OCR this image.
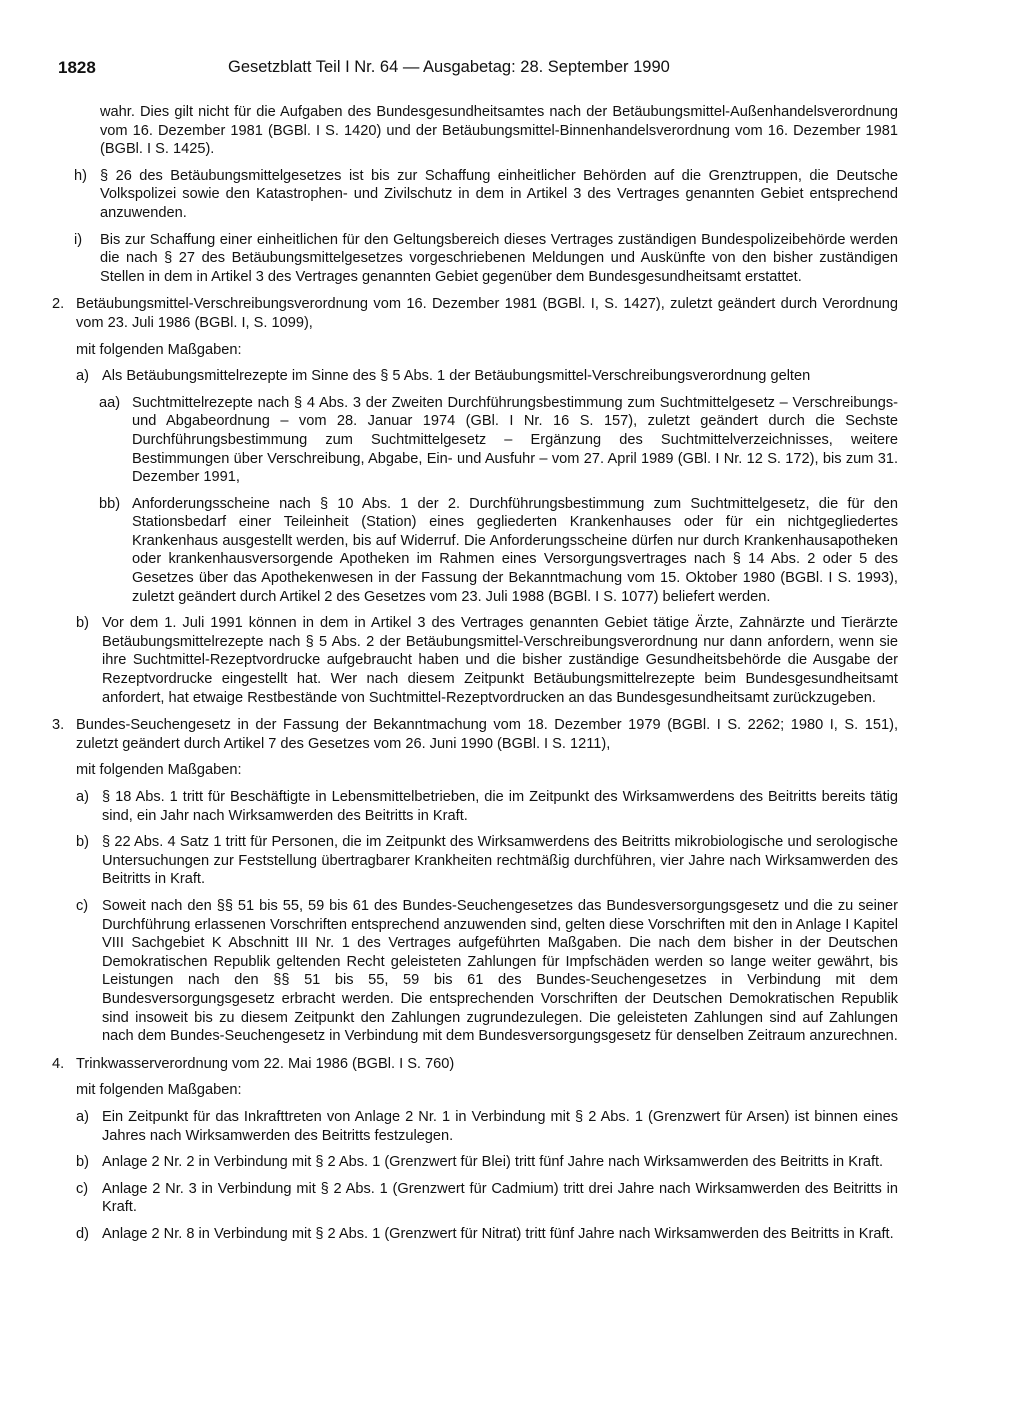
1828	Gesetzblatt Teil I Nr. 64 — Ausgabetag: 28. September 1990
wahr. Dies gilt nicht für die Aufgaben des Bundesgesundheitsamtes nach der Betäubungsmittel-Außenhandelsverordnung vom 16. Dezember 1981 (BGBl. I S. 1420) und der Betäubungsmittel-Binnenhandelsverordnung vom 16. Dezember 1981 (BGBl. I S. 1425).
h) § 26 des Betäubungsmittelgesetzes ist bis zur Schaffung einheitlicher Behörden auf die Grenztruppen, die Deutsche Volkspolizei sowie den Katastrophen- und Zivilschutz in dem in Artikel 3 des Vertrages genannten Gebiet entsprechend anzuwenden.
i) Bis zur Schaffung einer einheitlichen für den Geltungsbereich dieses Vertrages zuständigen Bundespolizeibehörde werden die nach § 27 des Betäubungsmittelgesetzes vorgeschriebenen Meldungen und Auskünfte von den bisher zuständigen Stellen in dem in Artikel 3 des Vertrages genannten Gebiet gegenüber dem Bundesgesundheitsamt erstattet.
2. Betäubungsmittel-Verschreibungsverordnung vom 16. Dezember 1981 (BGBl. I, S. 1427), zuletzt geändert durch Verordnung vom 23. Juli 1986 (BGBl. I, S. 1099),
mit folgenden Maßgaben:
a) Als Betäubungsmittelrezepte im Sinne des § 5 Abs. 1 der Betäubungsmittel-Verschreibungsverordnung gelten
aa) Suchtmittelrezepte nach § 4 Abs. 3 der Zweiten Durchführungsbestimmung zum Suchtmittelgesetz – Verschreibungs- und Abgabeordnung – vom 28. Januar 1974 (GBl. I Nr. 16 S. 157), zuletzt geändert durch die Sechste Durchführungsbestimmung zum Suchtmittelgesetz – Ergänzung des Suchtmittelverzeichnisses, weitere Bestimmungen über Verschreibung, Abgabe, Ein- und Ausfuhr – vom 27. April 1989 (GBl. I Nr. 12 S. 172), bis zum 31. Dezember 1991,
bb) Anforderungsscheine nach § 10 Abs. 1 der 2. Durchführungsbestimmung zum Suchtmittelgesetz, die für den Stationsbedarf einer Teileinheit (Station) eines gegliederten Krankenhauses oder für ein nichtgegliedertes Krankenhaus ausgestellt werden, bis auf Widerruf. Die Anforderungsscheine dürfen nur durch Krankenhausapotheken oder krankenhausversorgende Apotheken im Rahmen eines Versorgungsvertrages nach § 14 Abs. 2 oder 5 des Gesetzes über das Apothekenwesen in der Fassung der Bekanntmachung vom 15. Oktober 1980 (BGBl. I S. 1993), zuletzt geändert durch Artikel 2 des Gesetzes vom 23. Juli 1988 (BGBl. I S. 1077) beliefert werden.
b) Vor dem 1. Juli 1991 können in dem in Artikel 3 des Vertrages genannten Gebiet tätige Ärzte, Zahnärzte und Tierärzte Betäubungsmittelrezepte nach § 5 Abs. 2 der Betäubungsmittel-Verschreibungsverordnung nur dann anfordern, wenn sie ihre Suchtmittel-Rezeptvordrucke aufgebraucht haben und die bisher zuständige Gesundheitsbehörde die Ausgabe der Rezeptvordrucke eingestellt hat. Wer nach diesem Zeitpunkt Betäubungsmittelrezepte beim Bundesgesundheitsamt anfordert, hat etwaige Restbestände von Suchtmittel-Rezeptvordrucken an das Bundesgesundheitsamt zurückzugeben.
3. Bundes-Seuchengesetz in der Fassung der Bekanntmachung vom 18. Dezember 1979 (BGBl. I S. 2262; 1980 I, S. 151), zuletzt geändert durch Artikel 7 des Gesetzes vom 26. Juni 1990 (BGBl. I S. 1211),
mit folgenden Maßgaben:
a) § 18 Abs. 1 tritt für Beschäftigte in Lebensmittelbetrieben, die im Zeitpunkt des Wirksamwerdens des Beitritts bereits tätig sind, ein Jahr nach Wirksamwerden des Beitritts in Kraft.
b) § 22 Abs. 4 Satz 1 tritt für Personen, die im Zeitpunkt des Wirksamwerdens des Beitritts mikrobiologische und serologische Untersuchungen zur Feststellung übertragbarer Krankheiten rechtmäßig durchführen, vier Jahre nach Wirksamwerden des Beitritts in Kraft.
c) Soweit nach den §§ 51 bis 55, 59 bis 61 des Bundes-Seuchengesetzes das Bundesversorgungsgesetz und die zu seiner Durchführung erlassenen Vorschriften entsprechend anzuwenden sind, gelten diese Vorschriften mit den in Anlage I Kapitel VIII Sachgebiet K Abschnitt III Nr. 1 des Vertrages aufgeführten Maßgaben. Die nach dem bisher in der Deutschen Demokratischen Republik geltenden Recht geleisteten Zahlungen für Impfschäden werden so lange weiter gewährt, bis Leistungen nach den §§ 51 bis 55, 59 bis 61 des Bundes-Seuchengesetzes in Verbindung mit dem Bundesversorgungsgesetz erbracht werden. Die entsprechenden Vorschriften der Deutschen Demokratischen Republik sind insoweit bis zu diesem Zeitpunkt den Zahlungen zugrundezulegen. Die geleisteten Zahlungen sind auf Zahlungen nach dem Bundes-Seuchengesetz in Verbindung mit dem Bundesversorgungsgesetz für denselben Zeitraum anzurechnen.
4. Trinkwasserverordnung vom 22. Mai 1986 (BGBl. I S. 760)
mit folgenden Maßgaben:
a) Ein Zeitpunkt für das Inkrafttreten von Anlage 2 Nr. 1 in Verbindung mit § 2 Abs. 1 (Grenzwert für Arsen) ist binnen eines Jahres nach Wirksamwerden des Beitritts festzulegen.
b) Anlage 2 Nr. 2 in Verbindung mit § 2 Abs. 1 (Grenzwert für Blei) tritt fünf Jahre nach Wirksamwerden des Beitritts in Kraft.
c) Anlage 2 Nr. 3 in Verbindung mit § 2 Abs. 1 (Grenzwert für Cadmium) tritt drei Jahre nach Wirksamwerden des Beitritts in Kraft.
d) Anlage 2 Nr. 8 in Verbindung mit § 2 Abs. 1 (Grenzwert für Nitrat) tritt fünf Jahre nach Wirksamwerden des Beitritts in Kraft.
